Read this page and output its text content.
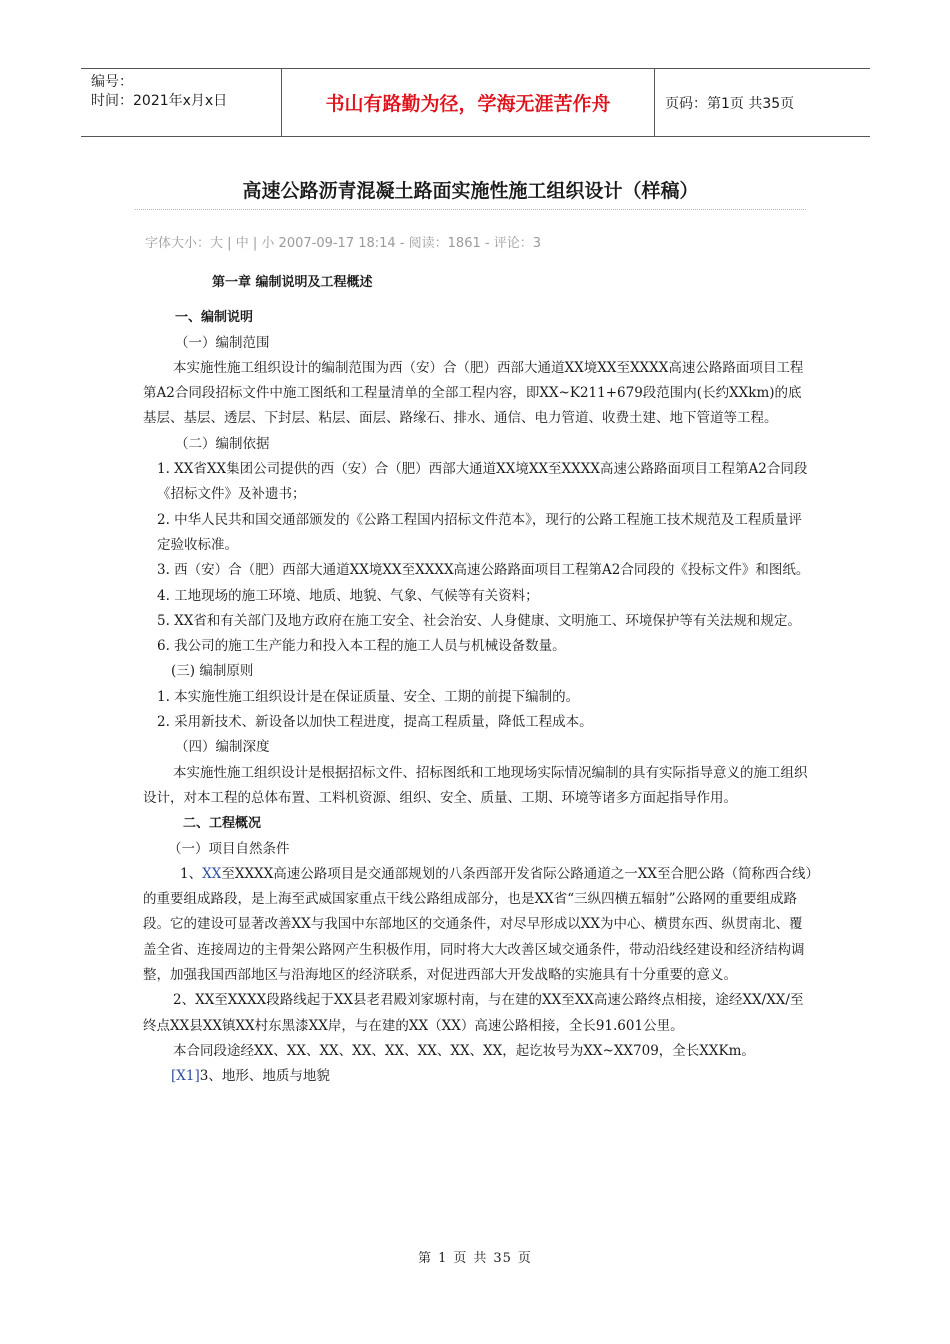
编号：
时间：2021年x月x日	书山有路勤为径，学海无涯苦作舟	页码：第1页 共35页
高速公路沥青混凝土路面实施性施工组织设计（样稿）
字体大小：大 | 中 | 小 2007-09-17 18:14 - 阅读：1861 - 评论：3

第一章 编制说明及工程概述

一、编制说明

（一）编制范围

本实施性施工组织设计的编制范围为西（安）合（肥）西部大通道XX境XX至XXXX高速公路路面项目工程第A2合同段招标文件中施工图纸和工程量清单的全部工程内容，即XX~K211+679段范围内(长约XXkm)的底基层、基层、透层、下封层、粘层、面层、路缘石、排水、通信、电力管道、收费土建、地下管道等工程。

（二）编制依据

1. XX省XX集团公司提供的西（安）合（肥）西部大通道XX境XX至XXXX高速公路路面项目工程第A2合同段《招标文件》及补遗书；

2. 中华人民共和国交通部颁发的《公路工程国内招标文件范本》，现行的公路工程施工技术规范及工程质量评定验收标准。

3. 西（安）合（肥）西部大通道XX境XX至XXXX高速公路路面项目工程第A2合同段的《投标文件》和图纸。

4. 工地现场的施工环境、地质、地貌、气象、气候等有关资料；

5. XX省和有关部门及地方政府在施工安全、社会治安、人身健康、文明施工、环境保护等有关法规和规定。

6. 我公司的施工生产能力和投入本工程的施工人员与机械设备数量。

(三) 编制原则

1. 本实施性施工组织设计是在保证质量、安全、工期的前提下编制的。

2. 采用新技术、新设备以加快工程进度，提高工程质量，降低工程成本。

（四）编制深度

本实施性施工组织设计是根据招标文件、招标图纸和工地现场实际情况编制的具有实际指导意义的施工组织设计，对本工程的总体布置、工料机资源、组织、安全、质量、工期、环境等诸多方面起指导作用。

二、工程概况

（一）项目自然条件

1、XX至XXXX高速公路项目是交通部规划的八条西部开发省际公路通道之一XX至合肥公路（简称西合线）的重要组成路段，是上海至武威国家重点干线公路组成部分，也是XX省“三纵四横五辐射”公路网的重要组成路段。它的建设可显著改善XX与我国中东部地区的交通条件，对尽早形成以XX为中心、横贯东西、纵贯南北、覆盖全省、连接周边的主骨架公路网产生积极作用，同时将大大改善区域交通条件，带动沿线经建设和经济结构调整，加强我国西部地区与沿海地区的经济联系，对促进西部大开发战略的实施具有十分重要的意义。

2、XX至XXXX段路线起于XX县老君殿刘家塬村南，与在建的XX至XX高速公路终点相接，途经XX/XX/至终点XX县XX镇XX村东黑漆XX岸，与在建的XX（XX）高速公路相接，全长91.601公里。

本合同段途经XX、XX、XX、XX、XX、XX、XX、XX，起讫妆号为XX~XX709，全长XXKm。

[X1]3、地形、地质与地貌

第 1 页 共 35 页
